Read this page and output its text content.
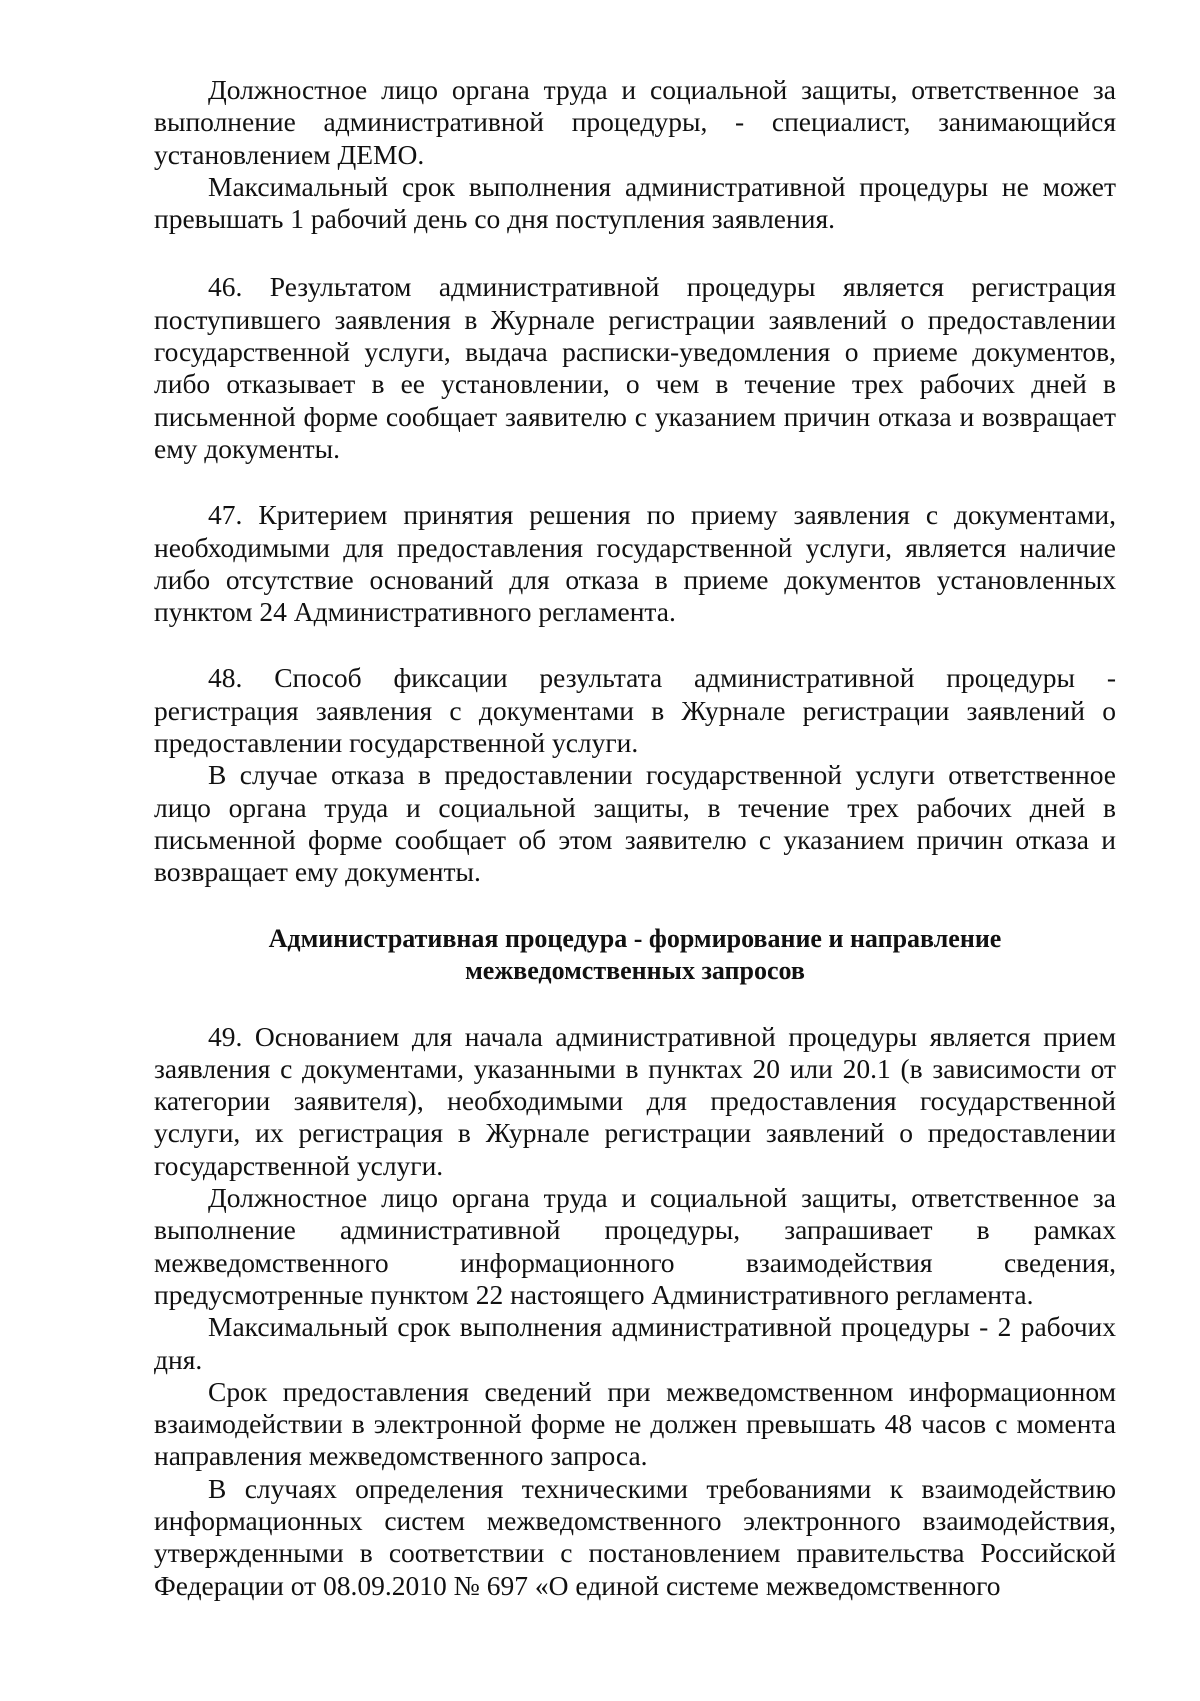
Должностное лицо органа труда и социальной защиты, ответственное за выполнение административной процедуры, - специалист, занимающийся установлением ДЕМО.

Максимальный срок выполнения административной процедуры не может превышать 1 рабочий день со дня поступления заявления.

46. Результатом административной процедуры является регистрация поступившего заявления в Журнале регистрации заявлений о предоставлении государственной услуги, выдача расписки-уведомления о приеме документов, либо отказывает в ее установлении, о чем в течение трех рабочих дней в письменной форме сообщает заявителю с указанием причин отказа и возвращает ему документы.

47. Критерием принятия решения по приему заявления с документами, необходимыми для предоставления государственной услуги, является наличие либо отсутствие оснований для отказа в приеме документов установленных пунктом 24 Административного регламента.

48. Способ фиксации результата административной процедуры - регистрация заявления с документами в Журнале регистрации заявлений о предоставлении государственной услуги.

В случае отказа в предоставлении государственной услуги ответственное лицо органа труда и социальной защиты, в течение трех рабочих дней в письменной форме сообщает об этом заявителю с указанием причин отказа и возвращает ему документы.

Административная процедура - формирование и направление
межведомственных запросов

49. Основанием для начала административной процедуры является прием заявления с документами, указанными в пунктах 20 или 20.1 (в зависимости от категории заявителя), необходимыми для предоставления государственной услуги, их регистрация в Журнале регистрации заявлений о предоставлении государственной услуги.

Должностное лицо органа труда и социальной защиты, ответственное за выполнение административной процедуры, запрашивает в рамках межведомственного информационного взаимодействия сведения, предусмотренные пунктом 22 настоящего Административного регламента.

Максимальный срок выполнения административной процедуры - 2 рабочих дня.

Срок предоставления сведений при межведомственном информационном взаимодействии в электронной форме не должен превышать 48 часов с момента направления межведомственного запроса.

В случаях определения техническими требованиями к взаимодействию информационных систем межведомственного электронного взаимодействия, утвержденными в соответствии с постановлением правительства Российской Федерации от 08.09.2010 № 697 «О единой системе межведомственного
